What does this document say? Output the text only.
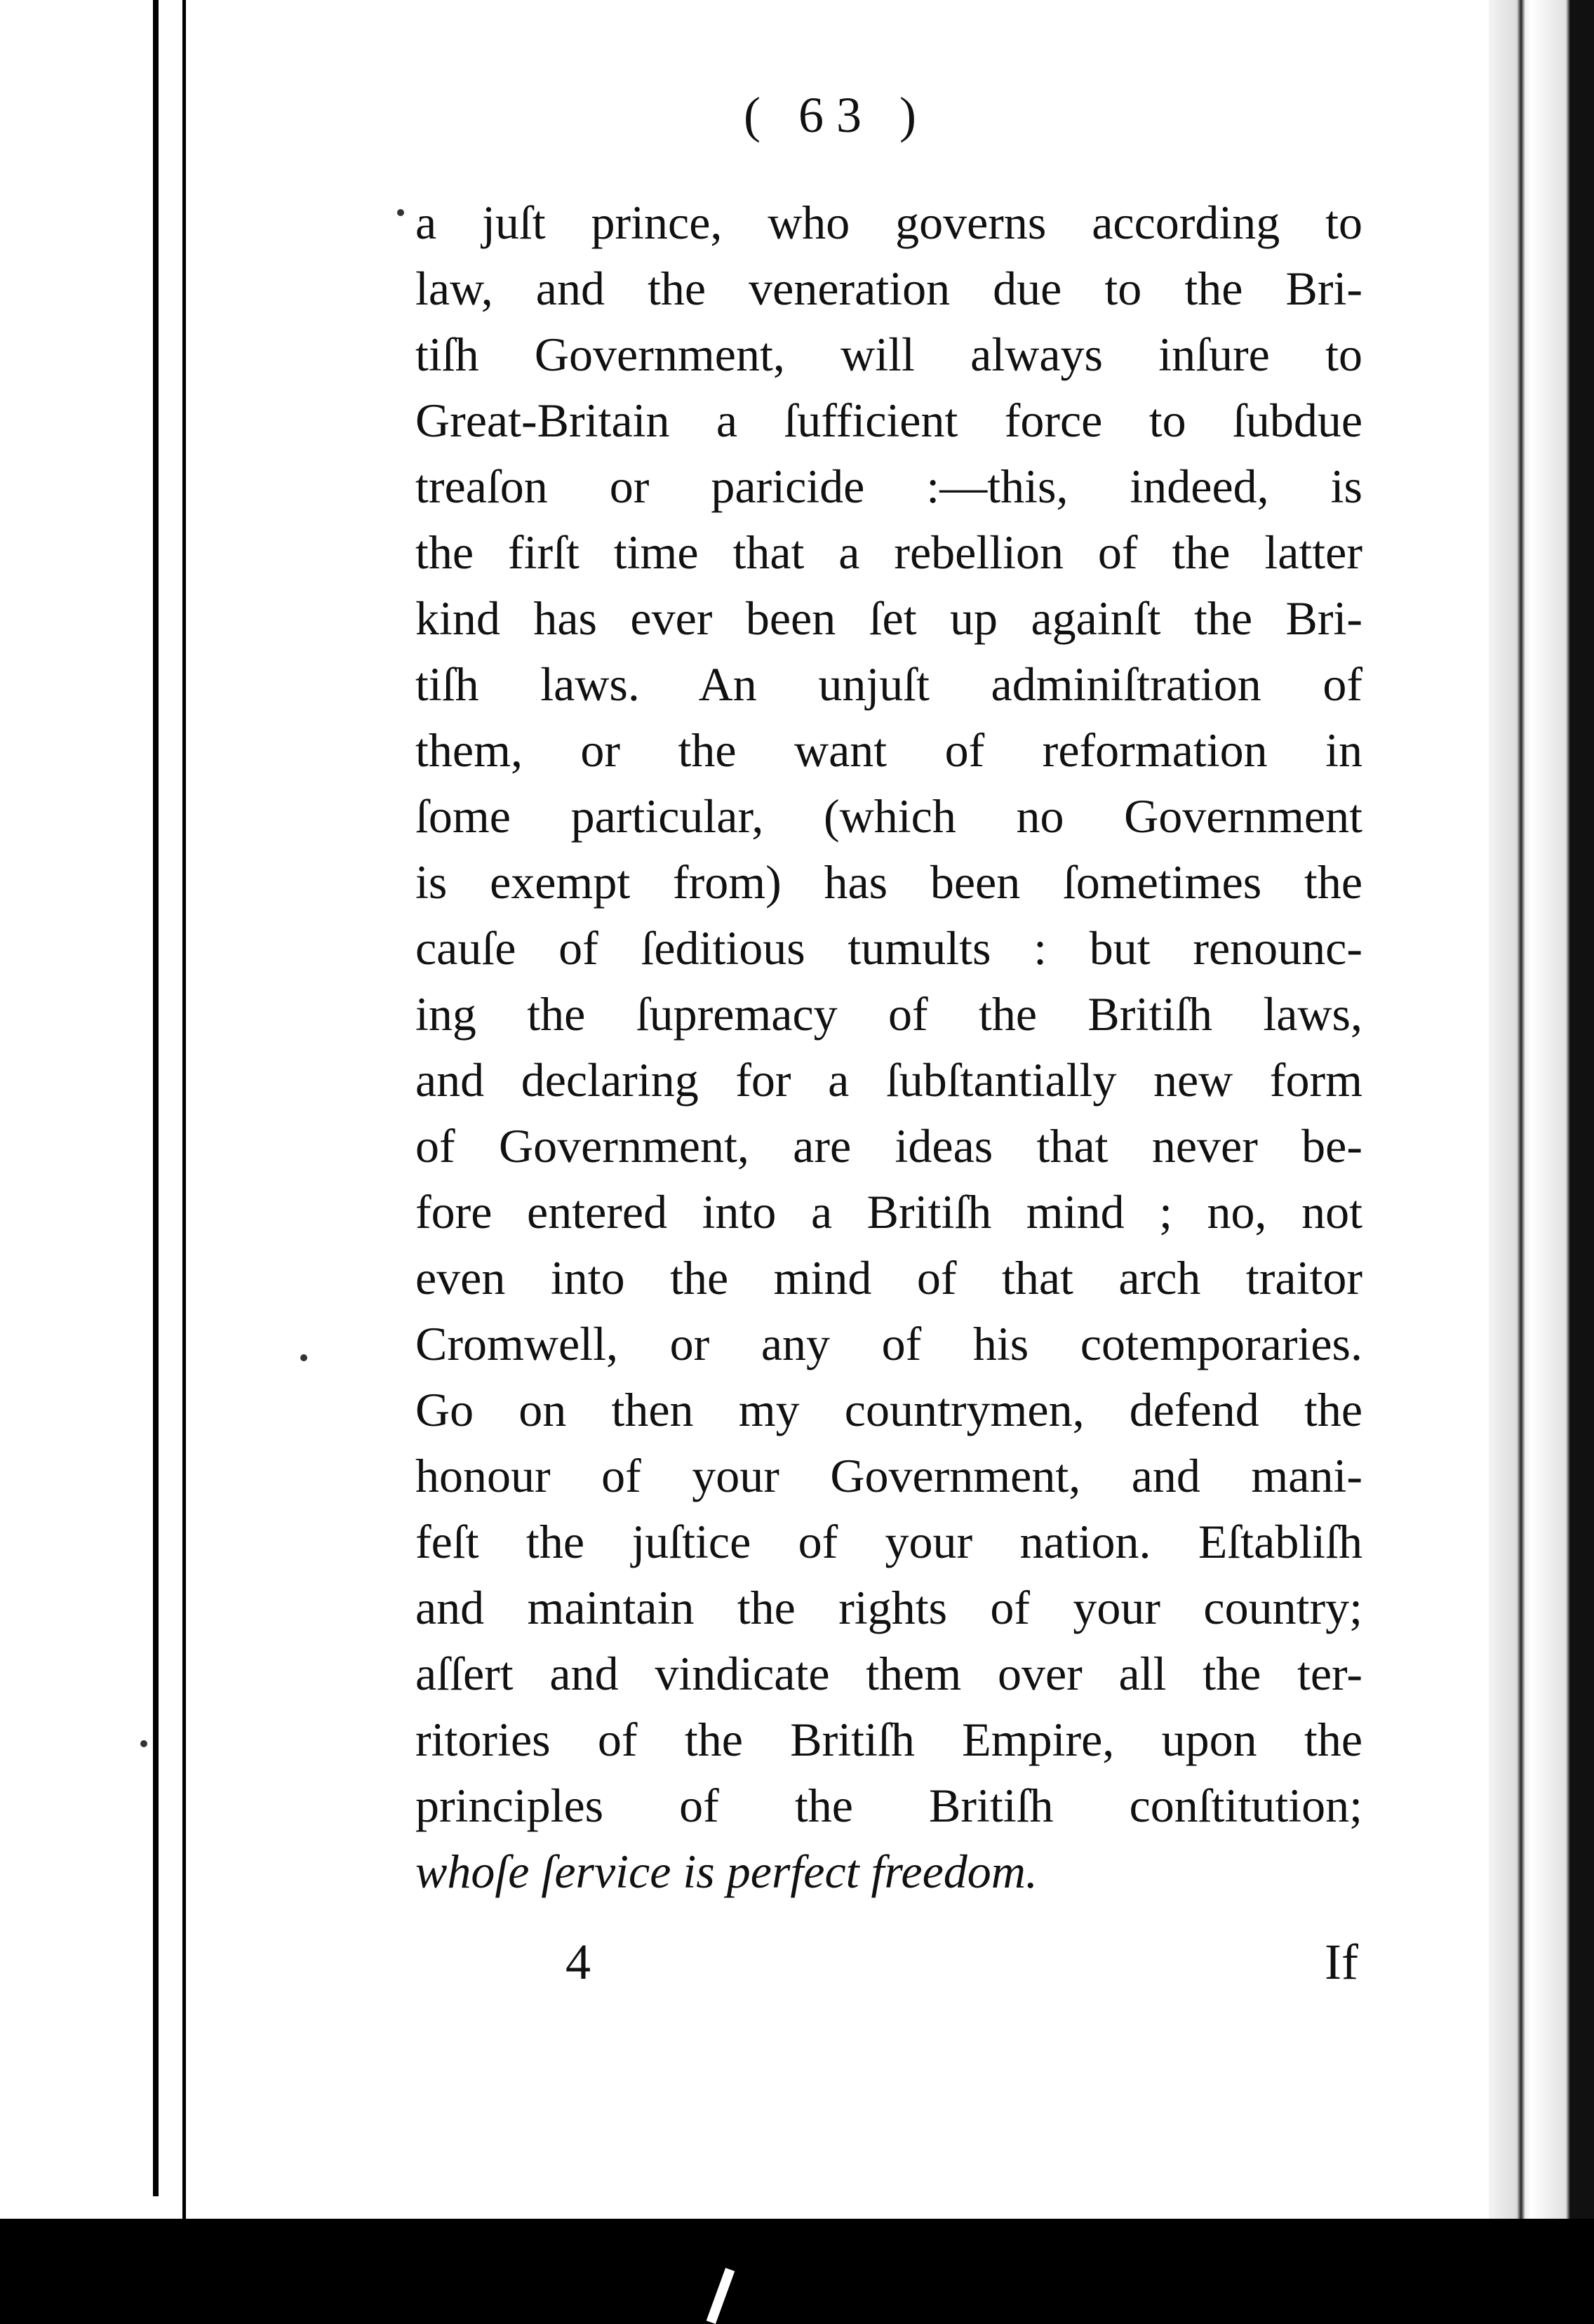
( 63 )
a juſt prince, who governs according to
law, and the veneration due to the Bri-
tiſh Government, will always inſure to
Great-Britain a ſufficient force to ſubdue
treaſon or paricide :—this, indeed, is
the firſt time that a rebellion of the latter
kind has ever been ſet up againſt the Bri-
tiſh laws. An unjuſt adminiſtration of
them, or the want of reformation in
ſome particular, (which no Government
is exempt from) has been ſometimes the
cauſe of ſeditious tumults : but renounc-
ing the ſupremacy of the Britiſh laws,
and declaring for a ſubſtantially new form
of Government, are ideas that never be-
fore entered into a Britiſh mind ; no, not
even into the mind of that arch traitor
Cromwell, or any of his cotemporaries.
Go on then my countrymen, defend the
honour of your Government, and mani-
feſt the juſtice of your nation. Eſtabliſh
and maintain the rights of your country;
aſſert and vindicate them over all the ter-
ritories of the Britiſh Empire, upon the
principles of the Britiſh conſtitution;
whoſe ſervice is perfect freedom.
4	If
